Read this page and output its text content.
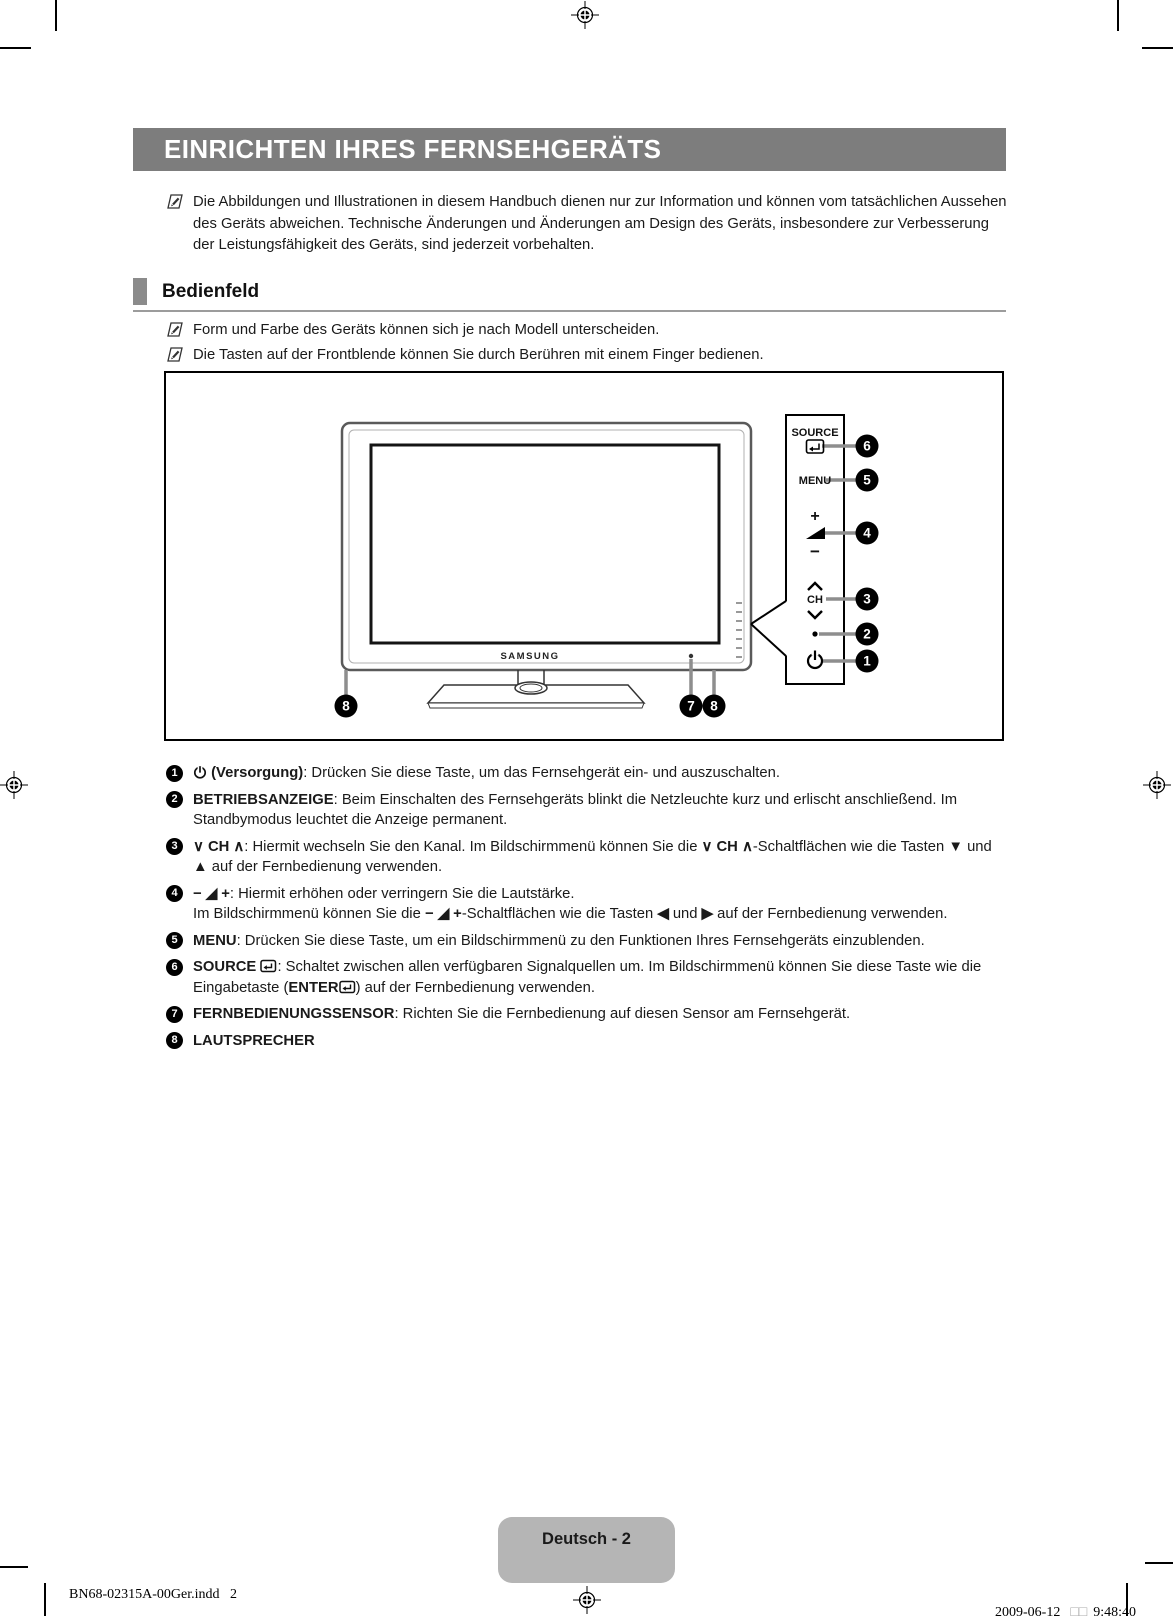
EINRICHTEN IHRES FERNSEHGERÄTS
Die Abbildungen und Illustrationen in diesem Handbuch dienen nur zur Information und können vom tatsächlichen Aussehen des Geräts abweichen. Technische Änderungen und Änderungen am Design des Geräts, insbesondere zur Verbesserung der Leistungsfähigkeit des Geräts, sind jederzeit vorbehalten.
Bedienfeld
Form und Farbe des Geräts können sich je nach Modell unterscheiden.
Die Tasten auf der Frontblende können Sie durch Berühren mit einem Finger bedienen.
SAMSUNG
SOURCE
MENU
+
−
CH
6
5
4
3
2
1
8	7 8
1	(Versorgung): Drücken Sie diese Taste, um das Fernsehgerät ein- und auszuschalten.
2	BETRIEBSANZEIGE: Beim Einschalten des Fernsehgeräts blinkt die Netzleuchte kurz und erlischt anschließend. Im Standbymodus leuchtet die Anzeige permanent.
3	∨ CH ∧: Hiermit wechseln Sie den Kanal. Im Bildschirmmenü können Sie die ∨ CH ∧-Schaltflächen wie die Tasten ▼ und ▲ auf der Fernbedienung verwenden.
4	− ◢ +: Hiermit erhöhen oder verringern Sie die Lautstärke.
Im Bildschirmmenü können Sie die − ◢ +-Schaltflächen wie die Tasten ◀ und ▶ auf der Fernbedienung verwenden.
5	MENU: Drücken Sie diese Taste, um ein Bildschirmmenü zu den Funktionen Ihres Fernsehgeräts einzublenden.
6	SOURCE : Schaltet zwischen allen verfügbaren Signalquellen um. Im Bildschirmmenü können Sie diese Taste wie die Eingabetaste (ENTER ) auf der Fernbedienung verwenden.
7	FERNBEDIENUNGSSENSOR: Richten Sie die Fernbedienung auf diesen Sensor am Fernsehgerät.
8	LAUTSPRECHER
Deutsch - 2
BN68-02315A-00Ger.indd   2

2009-06-12 □□ 9:48:40
